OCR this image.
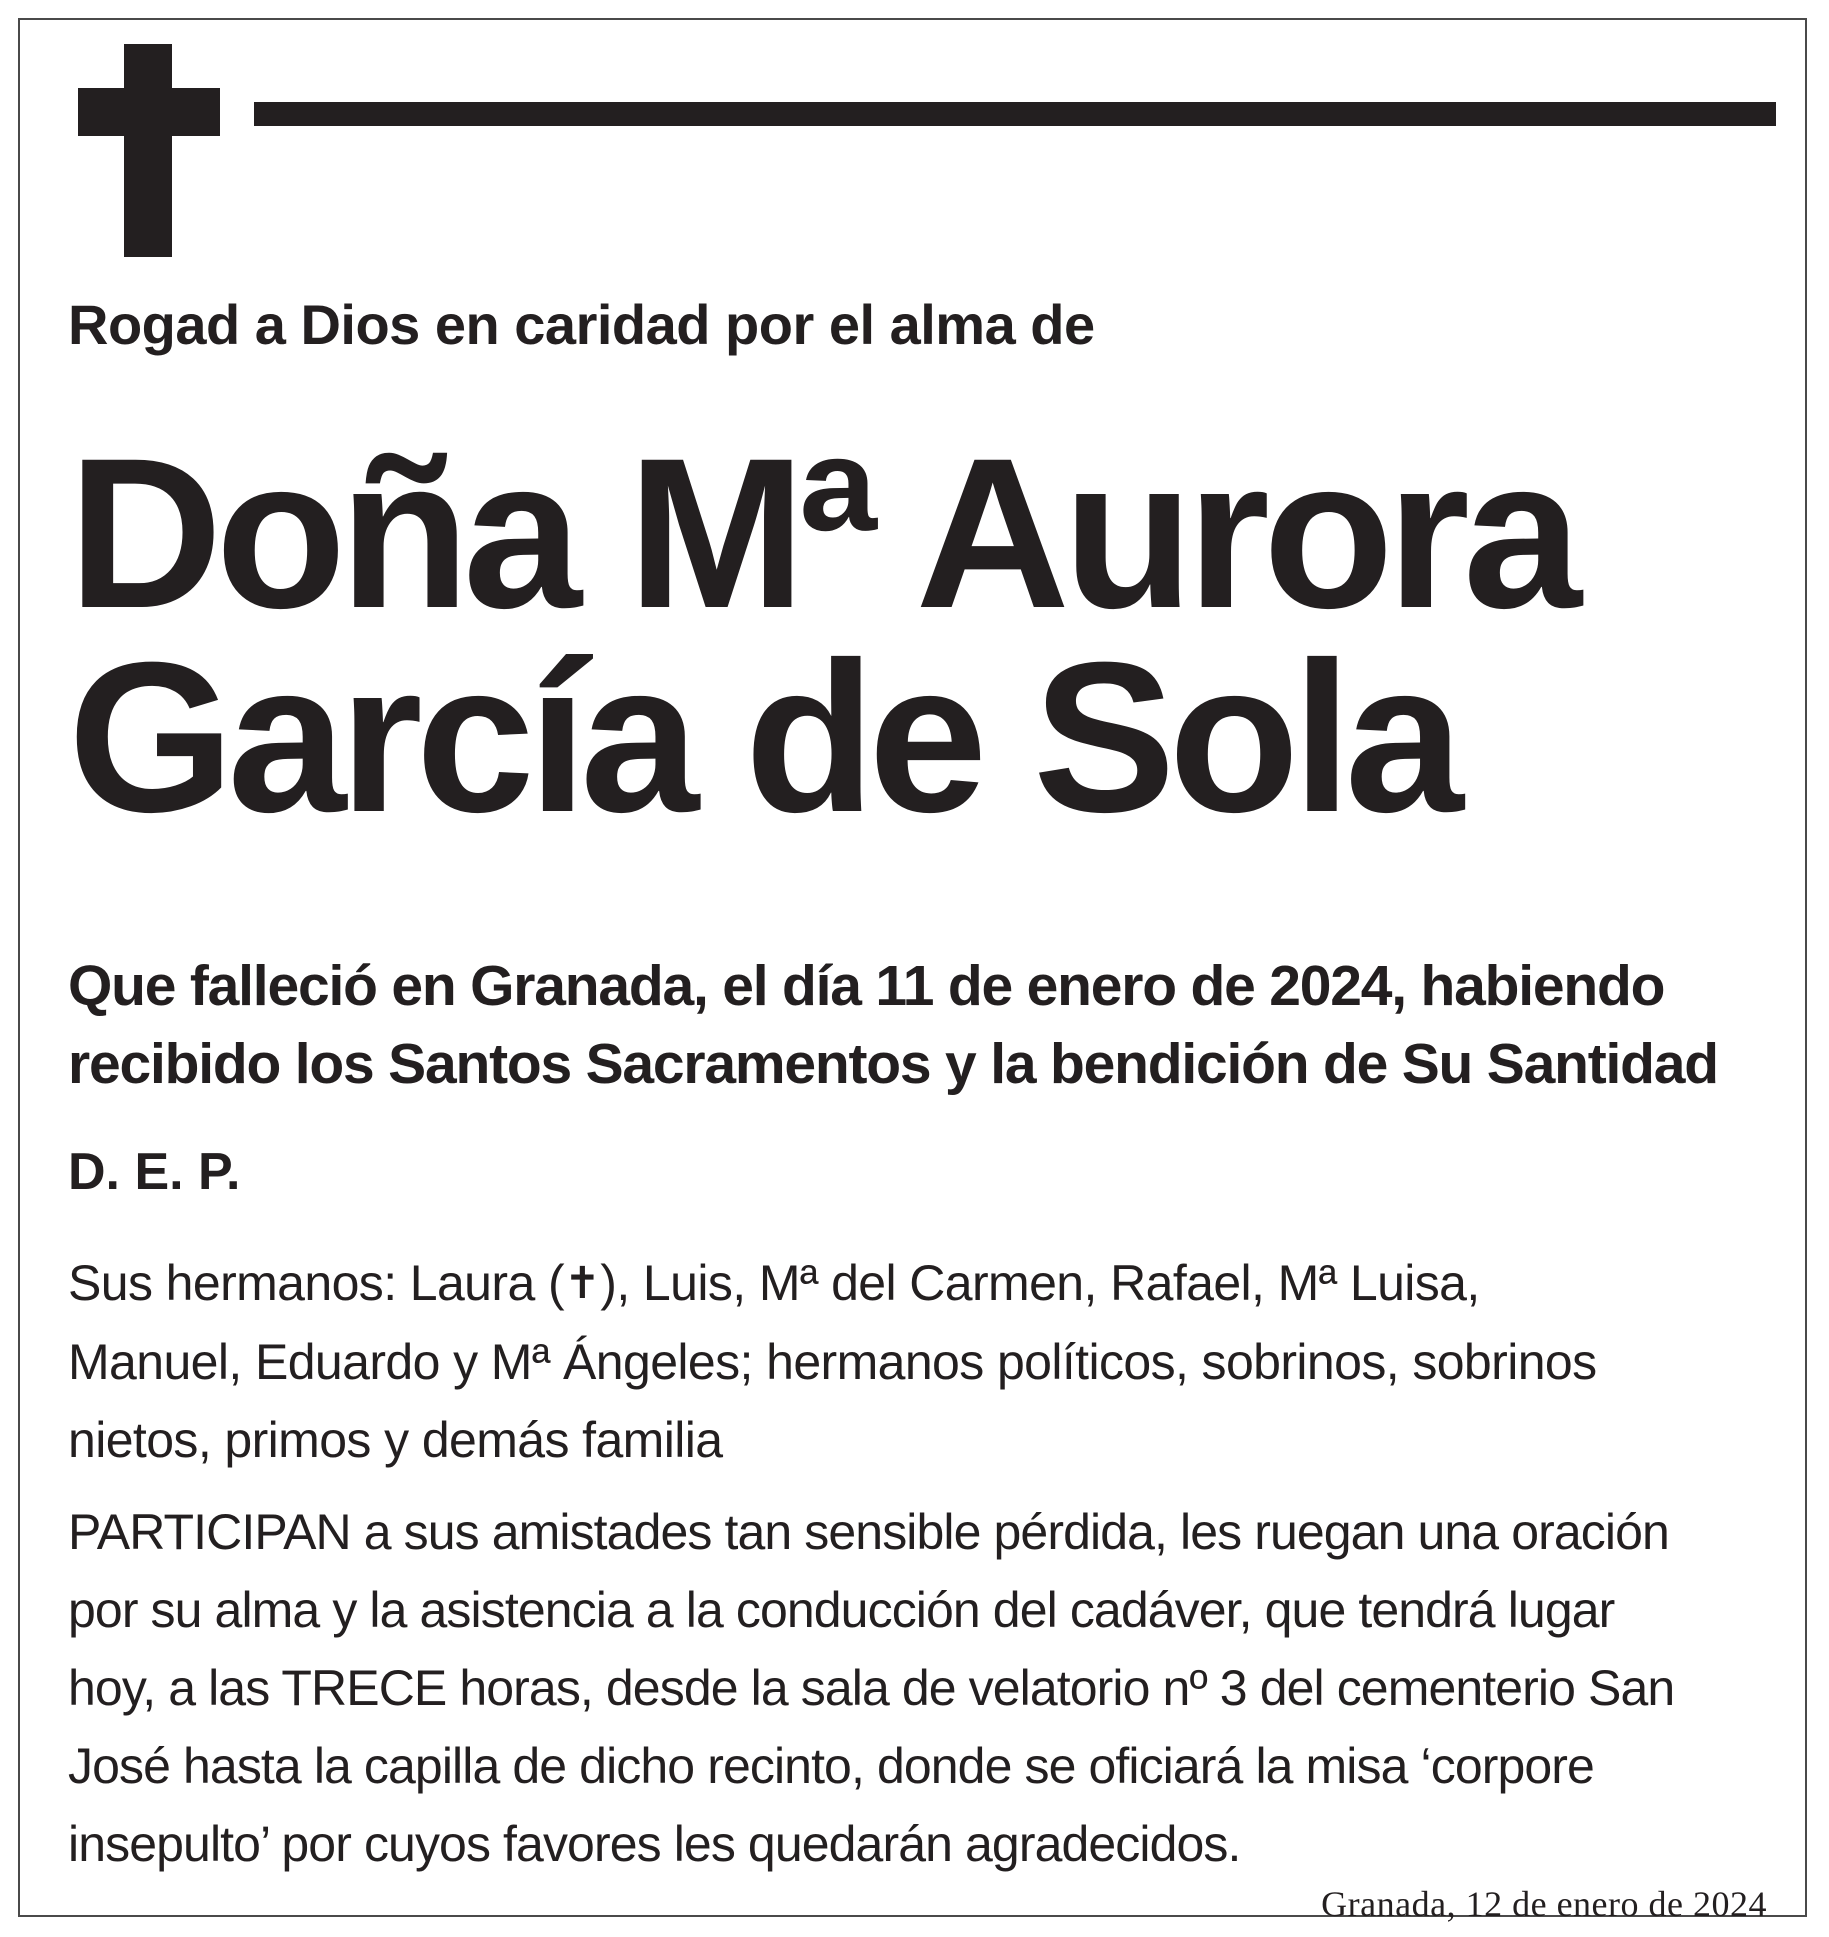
Rogad a Dios en caridad por el alma de

Doña Mª Aurora
García de Sola

Que falleció en Granada, el día 11 de enero de 2024, habiendo
recibido los Santos Sacramentos y la bendición de Su Santidad

D. E. P.

Sus hermanos: Laura (✝), Luis, Mª del Carmen, Rafael, Mª Luisa,
Manuel, Eduardo y Mª Ángeles; hermanos políticos, sobrinos, sobrinos
nietos, primos y demás familia

PARTICIPAN a sus amistades tan sensible pérdida, les ruegan una oración
por su alma y la asistencia a la conducción del cadáver, que tendrá lugar
hoy, a las TRECE horas, desde la sala de velatorio nº 3 del cementerio San
José hasta la capilla de dicho recinto, donde se oficiará la misa ‘corpore
insepulto’ por cuyos favores les quedarán agradecidos.

Granada, 12 de enero de 2024
